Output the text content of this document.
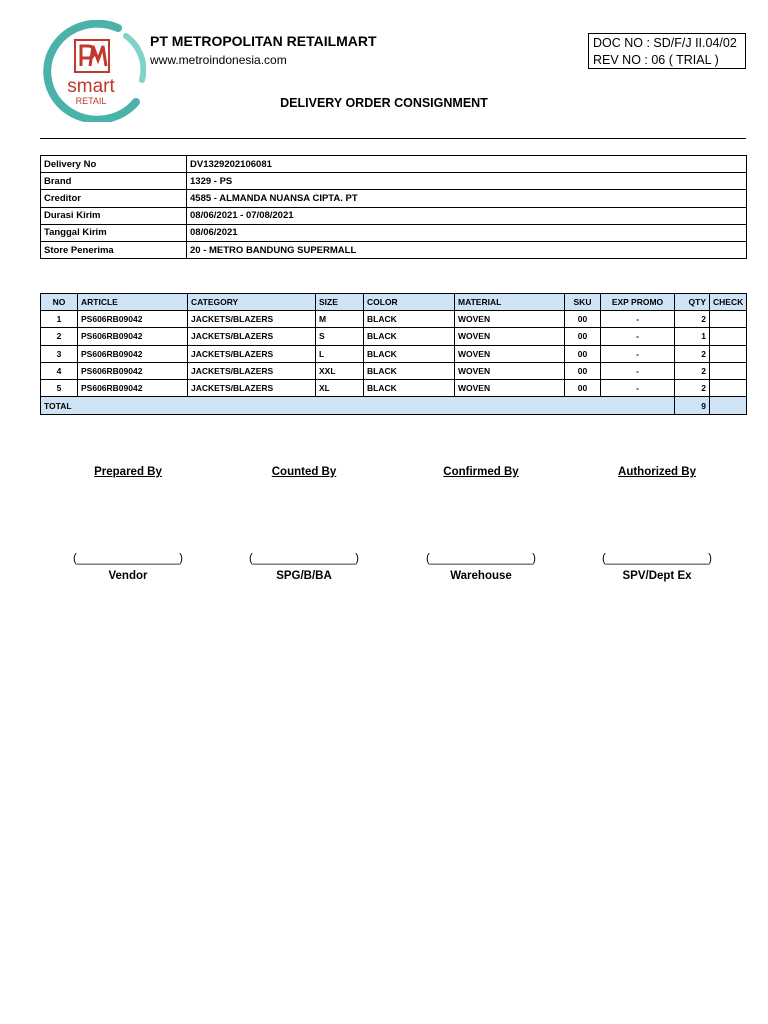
smart
RETAIL
PT METROPOLITAN RETAILMART
www.metroindonesia.com
DOC NO : SD/F/J II.04/02
REV NO : 06 ( TRIAL )
DELIVERY ORDER CONSIGNMENT
Delivery No	DV1329202106081
Brand	1329 - PS
Creditor	4585 - ALMANDA NUANSA CIPTA. PT
Durasi Kirim	08/06/2021 - 07/08/2021
Tanggal Kirim	08/06/2021
Store Penerima	20 - METRO BANDUNG SUPERMALL
NO	ARTICLE	CATEGORY	SIZE	COLOR	MATERIAL	SKU	EXP PROMO	QTY	CHECK
1	PS606RB09042	JACKETS/BLAZERS	M	BLACK	WOVEN	00	-	2	
2	PS606RB09042	JACKETS/BLAZERS	S	BLACK	WOVEN	00	-	1	
3	PS606RB09042	JACKETS/BLAZERS	L	BLACK	WOVEN	00	-	2	
4	PS606RB09042	JACKETS/BLAZERS	XXL	BLACK	WOVEN	00	-	2	
5	PS606RB09042	JACKETS/BLAZERS	XL	BLACK	WOVEN	00	-	2	
TOTAL								9	
Prepared By	Counted By	Confirmed By	Authorized By
(________________)	(________________)	(________________)	(________________)
Vendor	SPG/B/BA	Warehouse	SPV/Dept Ex
